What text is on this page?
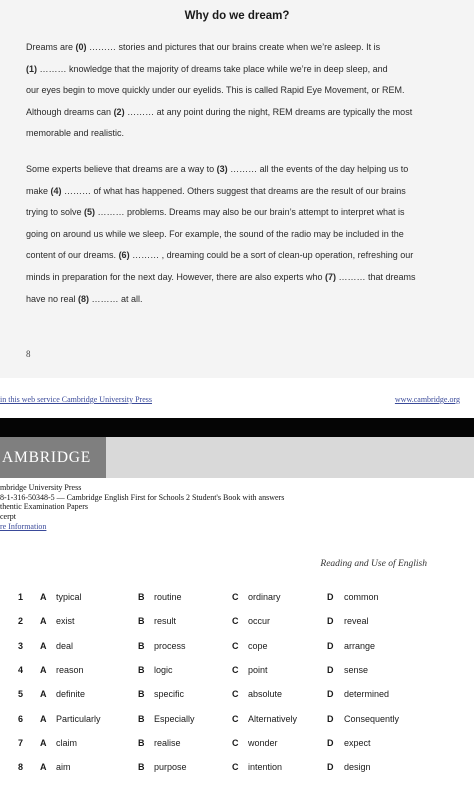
Why do we dream?

Dreams are (0) ……… stories and pictures that our brains create when we’re asleep. It is

(1) ……… knowledge that the majority of dreams take place while we’re in deep sleep, and

our eyes begin to move quickly under our eyelids. This is called Rapid Eye Movement, or REM.

Although dreams can (2) ……… at any point during the night, REM dreams are typically the most

memorable and realistic.

Some experts believe that dreams are a way to (3) ……… all the events of the day helping us to

make (4) ……… of what has happened. Others suggest that dreams are the result of our brains

trying to solve (5) ……… problems. Dreams may also be our brain’s attempt to interpret what is

going on around us while we sleep. For example, the sound of the radio may be included in the

content of our dreams. (6) ……… , dreaming could be a sort of clean-up operation, refreshing our

minds in preparation for the next day. However, there are also experts who (7) ……… that dreams

have no real (8) ……… at all.

8
in this web service Cambridge University Press	www.cambridge.org
AMBRIDGE
mbridge University Press
8-1-316-50348-5 — Cambridge English First for Schools 2 Student's Book with answers
thentic Examination Papers
cerpt
re Information
Reading and Use of English
1 A typical	B routine	C ordinary	D common
2 A exist	B result	C occur	D reveal
3 A deal	B process	C cope	D arrange
4 A reason	B logic	C point	D sense
5 A definite	B specific	C absolute	D determined
6 A Particularly	B Especially	C Alternatively	D Consequently
7 A claim	B realise	C wonder	D expect
8 A aim	B purpose	C intention	D design
